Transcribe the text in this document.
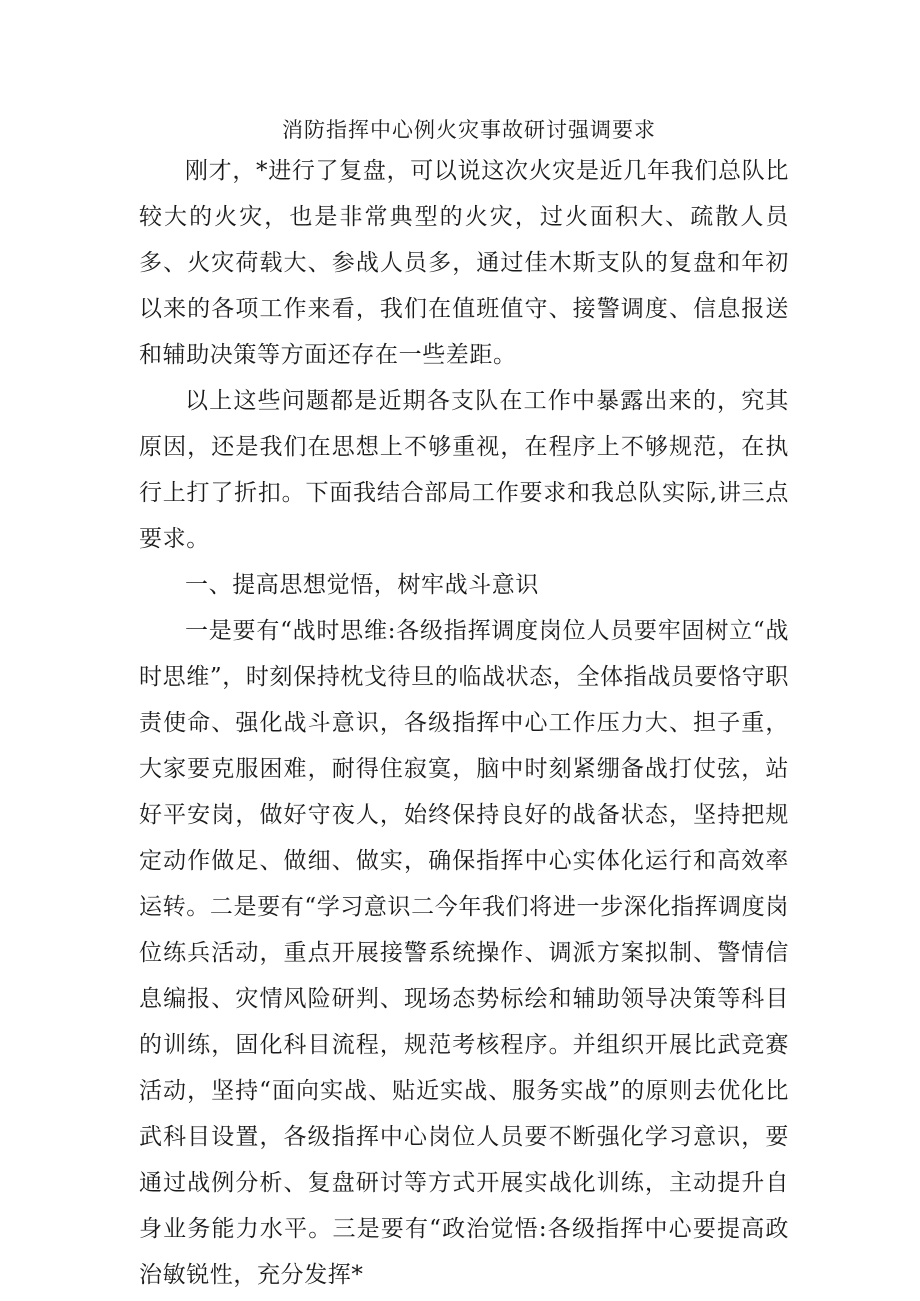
消防指挥中心例火灾事故研讨强调要求

刚才，*进行了复盘，可以说这次火灾是近几年我们总队比较大的火灾，也是非常典型的火灾，过火面积大、疏散人员多、火灾荷载大、参战人员多，通过佳木斯支队的复盘和年初以来的各项工作来看，我们在值班值守、接警调度、信息报送和辅助决策等方面还存在一些差距。

以上这些问题都是近期各支队在工作中暴露出来的，究其原因，还是我们在思想上不够重视，在程序上不够规范，在执行上打了折扣。下面我结合部局工作要求和我总队实际,讲三点要求。

一、提高思想觉悟，树牢战斗意识

一是要有“战时思维:各级指挥调度岗位人员要牢固树立“战时思维”，时刻保持枕戈待旦的临战状态，全体指战员要恪守职责使命、强化战斗意识，各级指挥中心工作压力大、担子重，大家要克服困难，耐得住寂寞，脑中时刻紧绷备战打仗弦，站好平安岗，做好守夜人，始终保持良好的战备状态，坚持把规定动作做足、做细、做实，确保指挥中心实体化运行和高效率运转。二是要有“学习意识二今年我们将进一步深化指挥调度岗位练兵活动，重点开展接警系统操作、调派方案拟制、警情信息编报、灾情风险研判、现场态势标绘和辅助领导决策等科目的训练，固化科目流程，规范考核程序。并组织开展比武竞赛活动，坚持“面向实战、贴近实战、服务实战”的原则去优化比武科目设置，各级指挥中心岗位人员要不断强化学习意识，要通过战例分析、复盘研讨等方式开展实战化训练，主动提升自身业务能力水平。三是要有“政治觉悟:各级指挥中心要提高政治敏锐性，充分发挥*
